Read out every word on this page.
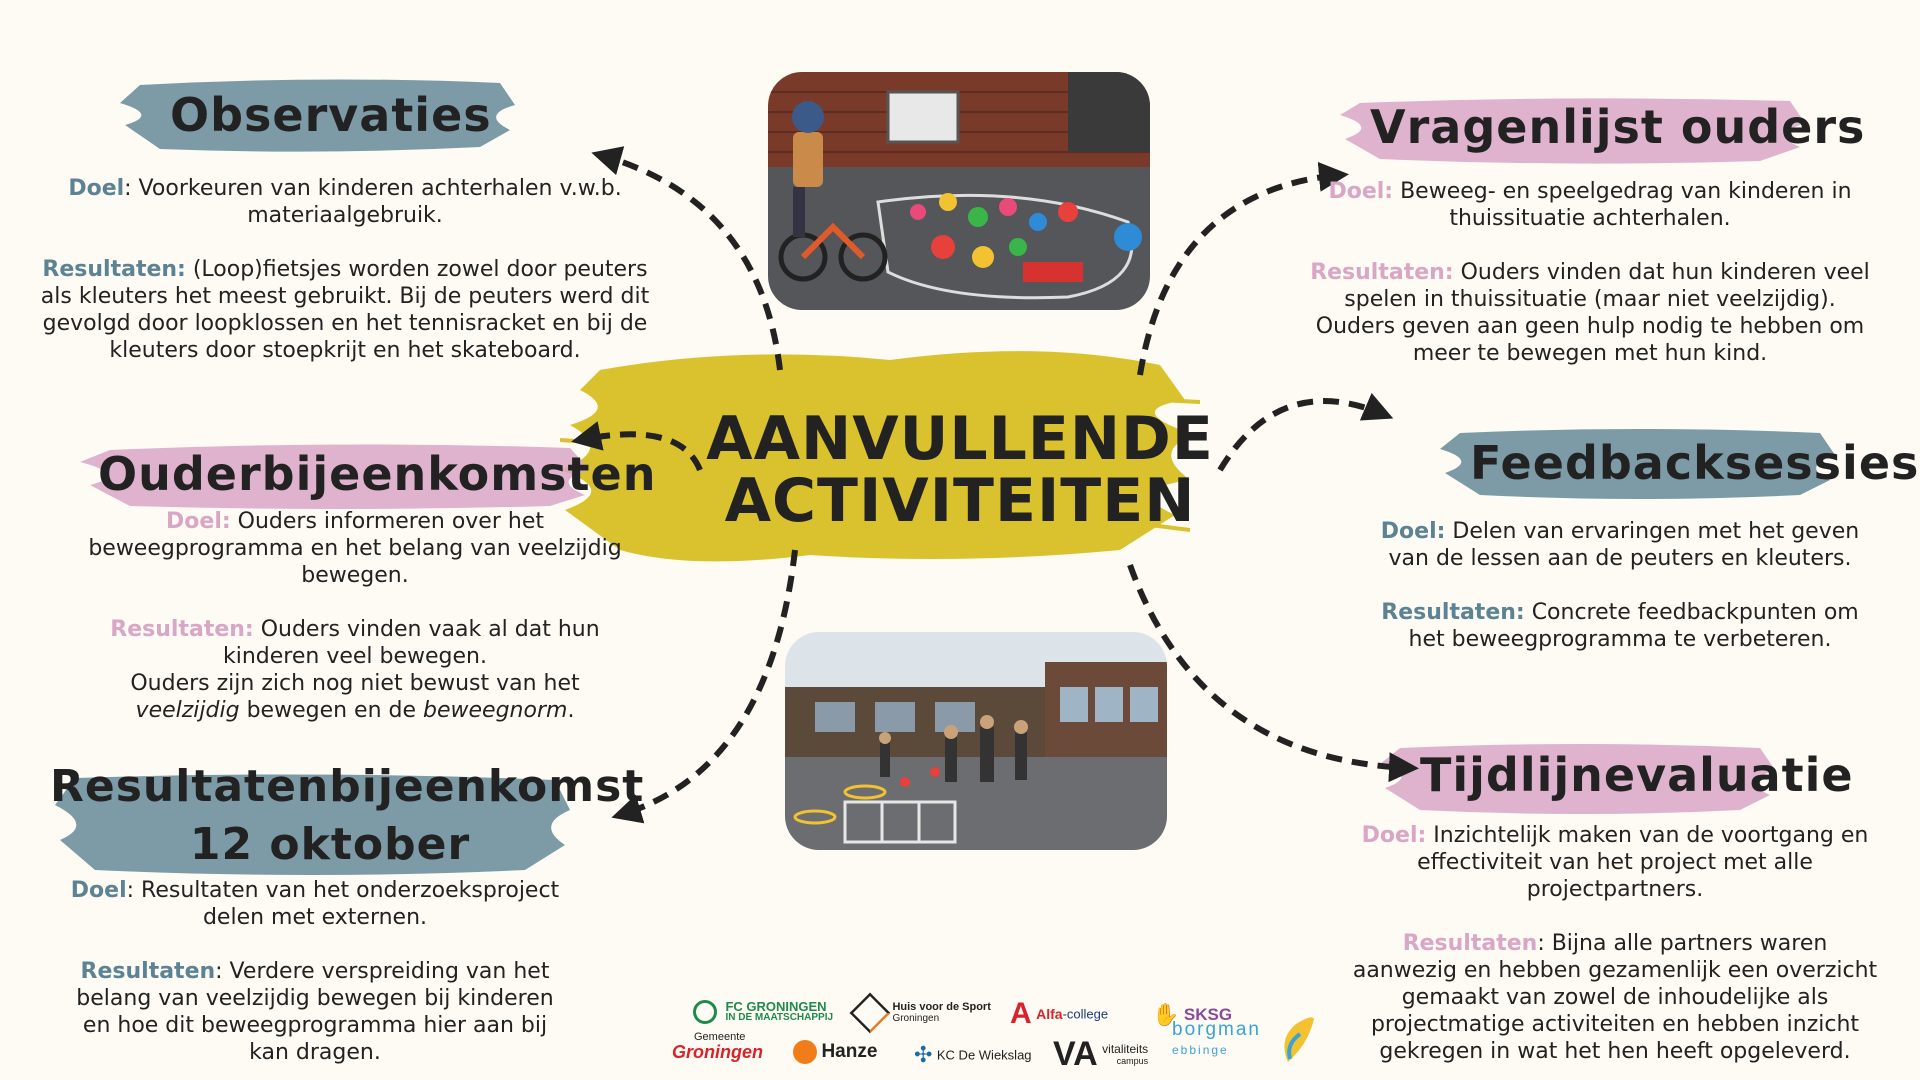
AANVULLENDE
ACTIVITEITEN
Observaties

Doel: Voorkeuren van kinderen achterhalen v.w.b. materiaalgebruik.

Resultaten: (Loop)fietsjes worden zowel door peuters als kleuters het meest gebruikt. Bij de peuters werd dit gevolgd door loopklossen en het tennisracket en bij de kleuters door stoepkrijt en het skateboard.

Ouderbijeenkomsten

Doel: Ouders informeren over het beweegprogramma en het belang van veelzijdig bewegen.

Resultaten: Ouders vinden vaak al dat hun kinderen veel bewegen.

Ouders zijn zich nog niet bewust van het veelzijdig bewegen en de beweegnorm.

Resultatenbijeenkomst
12 oktober

Doel: Resultaten van het onderzoeksproject delen met externen.

Resultaten: Verdere verspreiding van het belang van veelzijdig bewegen bij kinderen en hoe dit beweegprogramma hier aan bij kan dragen.

Vragenlijst ouders

Doel: Beweeg- en speelgedrag van kinderen in thuissituatie achterhalen.

Resultaten: Ouders vinden dat hun kinderen veel spelen in thuissituatie (maar niet veelzijdig). Ouders geven aan geen hulp nodig te hebben om meer te bewegen met hun kind.

Feedbacksessies

Doel: Delen van ervaringen met het geven van de lessen aan de peuters en kleuters.

Resultaten: Concrete feedbackpunten om het beweegprogramma te verbeteren.

Tijdlijnevaluatie

Doel: Inzichtelijk maken van de voortgang en effectiviteit van het project met alle projectpartners.

Resultaten: Bijna alle partners waren aanwezig en hebben gezamenlijk een overzicht gemaakt van zowel de inhoudelijke als projectmatige activiteiten en hebben inzicht gekregen in wat het hen heeft opgeleverd.

FC GRONINGEN
IN DE MAATSCHAPPIJ

Huis voor de Sport
Groningen	A Alfa-college ✋ SKSG
Gemeente
Groningen	Hanze ✣ KC De Wiekslag VA vitaliteits
campus
borgman
ebbinge
